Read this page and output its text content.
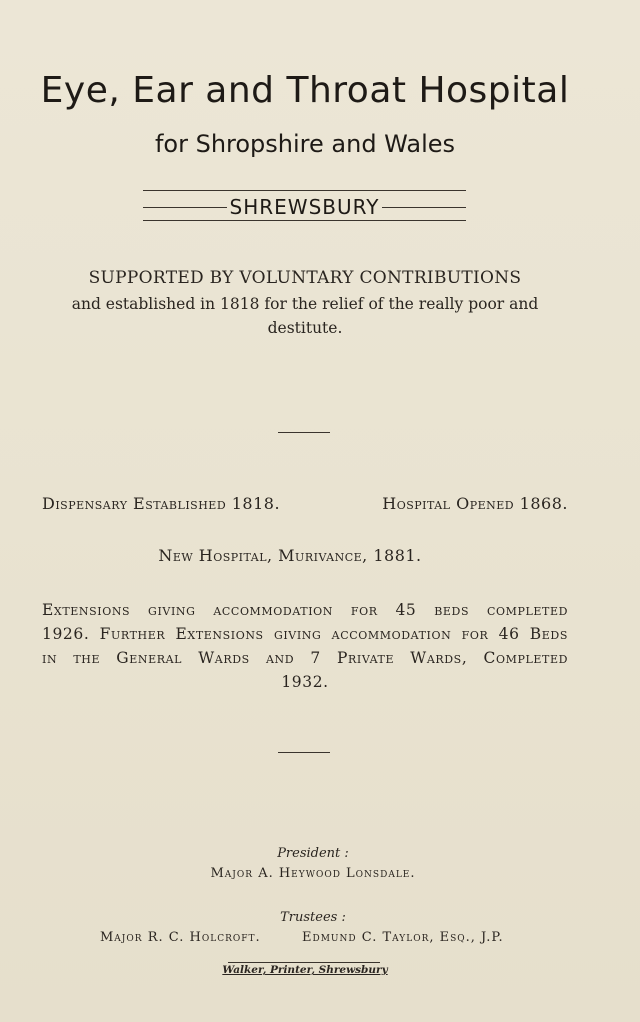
Eye, Ear and Throat Hospital
for Shropshire and Wales
SHREWSBURY
SUPPORTED BY VOLUNTARY CONTRIBUTIONS
and established in 1818 for the relief of the really poor and destitute.
Dispensary Established 1818.	Hospital Opened 1868.
New Hospital, Murivance, 1881.
Extensions giving accommodation for 45 beds completed 1926. Further Extensions giving accommodation for 46 Beds in the General Wards and 7 Private Wards, Completed 1932.
President :
Major A. Heywood Lonsdale.
Trustees :
Major R. C. Holcroft.	Edmund C. Taylor, Esq., J.P.
Walker, Printer, Shrewsbury
